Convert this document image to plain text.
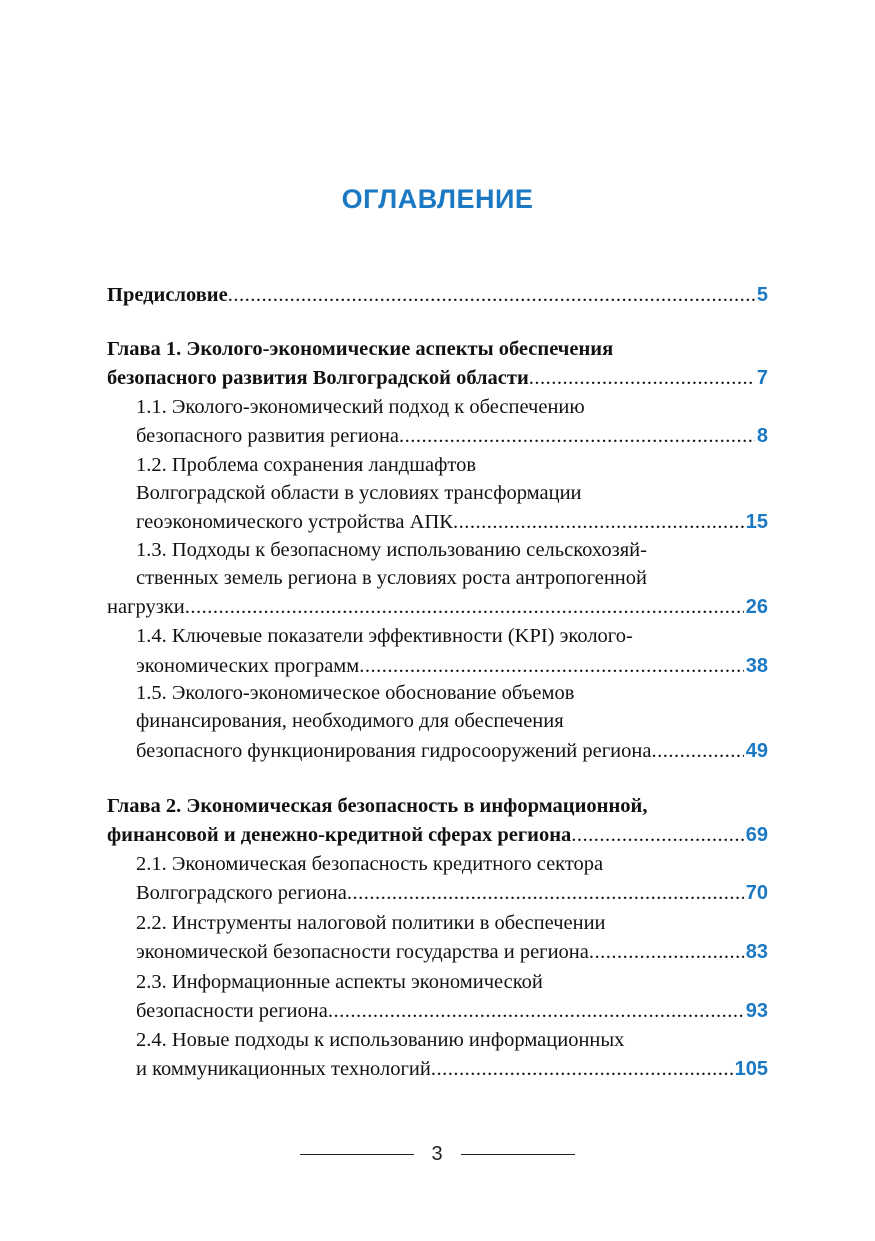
ОГЛАВЛЕНИЕ
Предисловие .....	5
Глава 1. Эколого-экономические аспекты обеспечения
безопасного развития Волгоградской области .....	7
1.1. Эколого-экономический подход к обеспечению
безопасного развития региона .....	8
1.2. Проблема сохранения ландшафтов
Волгоградской области в условиях трансформации
геоэкономического устройства АПК .....	15
1.3. Подходы к безопасному использованию сельскохозяй-
ственных земель региона в условиях роста антропогенной
нагрузки .....	26
1.4. Ключевые показатели эффективности (KPI) эколого-
экономических программ .....	38
1.5. Эколого-экономическое обоснование объемов
финансирования, необходимого для обеспечения
безопасного функционирования гидросооружений региона .....	49
Глава 2. Экономическая безопасность в информационной,
финансовой и денежно-кредитной сферах региона .....	69
2.1. Экономическая безопасность кредитного сектора
Волгоградского региона .....	70
2.2. Инструменты налоговой политики в обеспечении
экономической безопасности государства и региона .....	83
2.3. Информационные аспекты экономической
безопасности региона .....	93
2.4. Новые подходы к использованию информационных
и коммуникационных технологий .....	105
3
